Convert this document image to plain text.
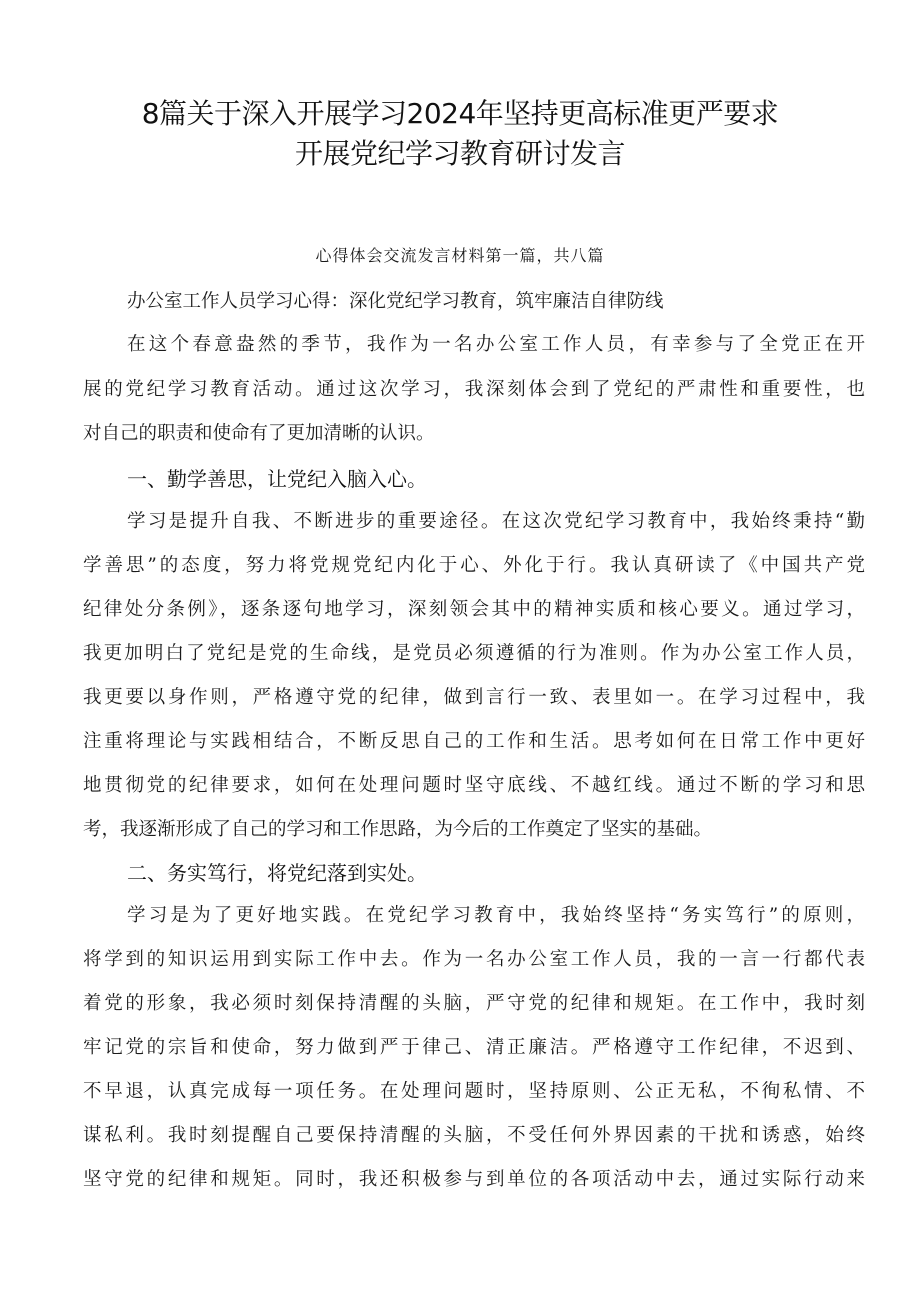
8篇关于深入开展学习2024年坚持更高标准更严要求
开展党纪学习教育研讨发言
心得体会交流发言材料第一篇，共八篇
办公室工作人员学习心得：深化党纪学习教育，筑牢廉洁自律防线
在这个春意盎然的季节，我作为一名办公室工作人员，有幸参与了全党正在开
展的党纪学习教育活动。通过这次学习，我深刻体会到了党纪的严肃性和重要性，也
对自己的职责和使命有了更加清晰的认识。
一、勤学善思，让党纪入脑入心。
学习是提升自我、不断进步的重要途径。在这次党纪学习教育中，我始终秉持“勤
学善思”的态度，努力将党规党纪内化于心、外化于行。我认真研读了《中国共产党
纪律处分条例》，逐条逐句地学习，深刻领会其中的精神实质和核心要义。通过学习，
我更加明白了党纪是党的生命线，是党员必须遵循的行为准则。作为办公室工作人员，
我更要以身作则，严格遵守党的纪律，做到言行一致、表里如一。在学习过程中，我
注重将理论与实践相结合，不断反思自己的工作和生活。思考如何在日常工作中更好
地贯彻党的纪律要求，如何在处理问题时坚守底线、不越红线。通过不断的学习和思
考，我逐渐形成了自己的学习和工作思路，为今后的工作奠定了坚实的基础。
二、务实笃行，将党纪落到实处。
学习是为了更好地实践。在党纪学习教育中，我始终坚持“务实笃行”的原则，
将学到的知识运用到实际工作中去。作为一名办公室工作人员，我的一言一行都代表
着党的形象，我必须时刻保持清醒的头脑，严守党的纪律和规矩。在工作中，我时刻
牢记党的宗旨和使命，努力做到严于律己、清正廉洁。严格遵守工作纪律，不迟到、
不早退，认真完成每一项任务。在处理问题时，坚持原则、公正无私，不徇私情、不
谋私利。我时刻提醒自己要保持清醒的头脑，不受任何外界因素的干扰和诱惑，始终
坚守党的纪律和规矩。同时，我还积极参与到单位的各项活动中去，通过实际行动来
